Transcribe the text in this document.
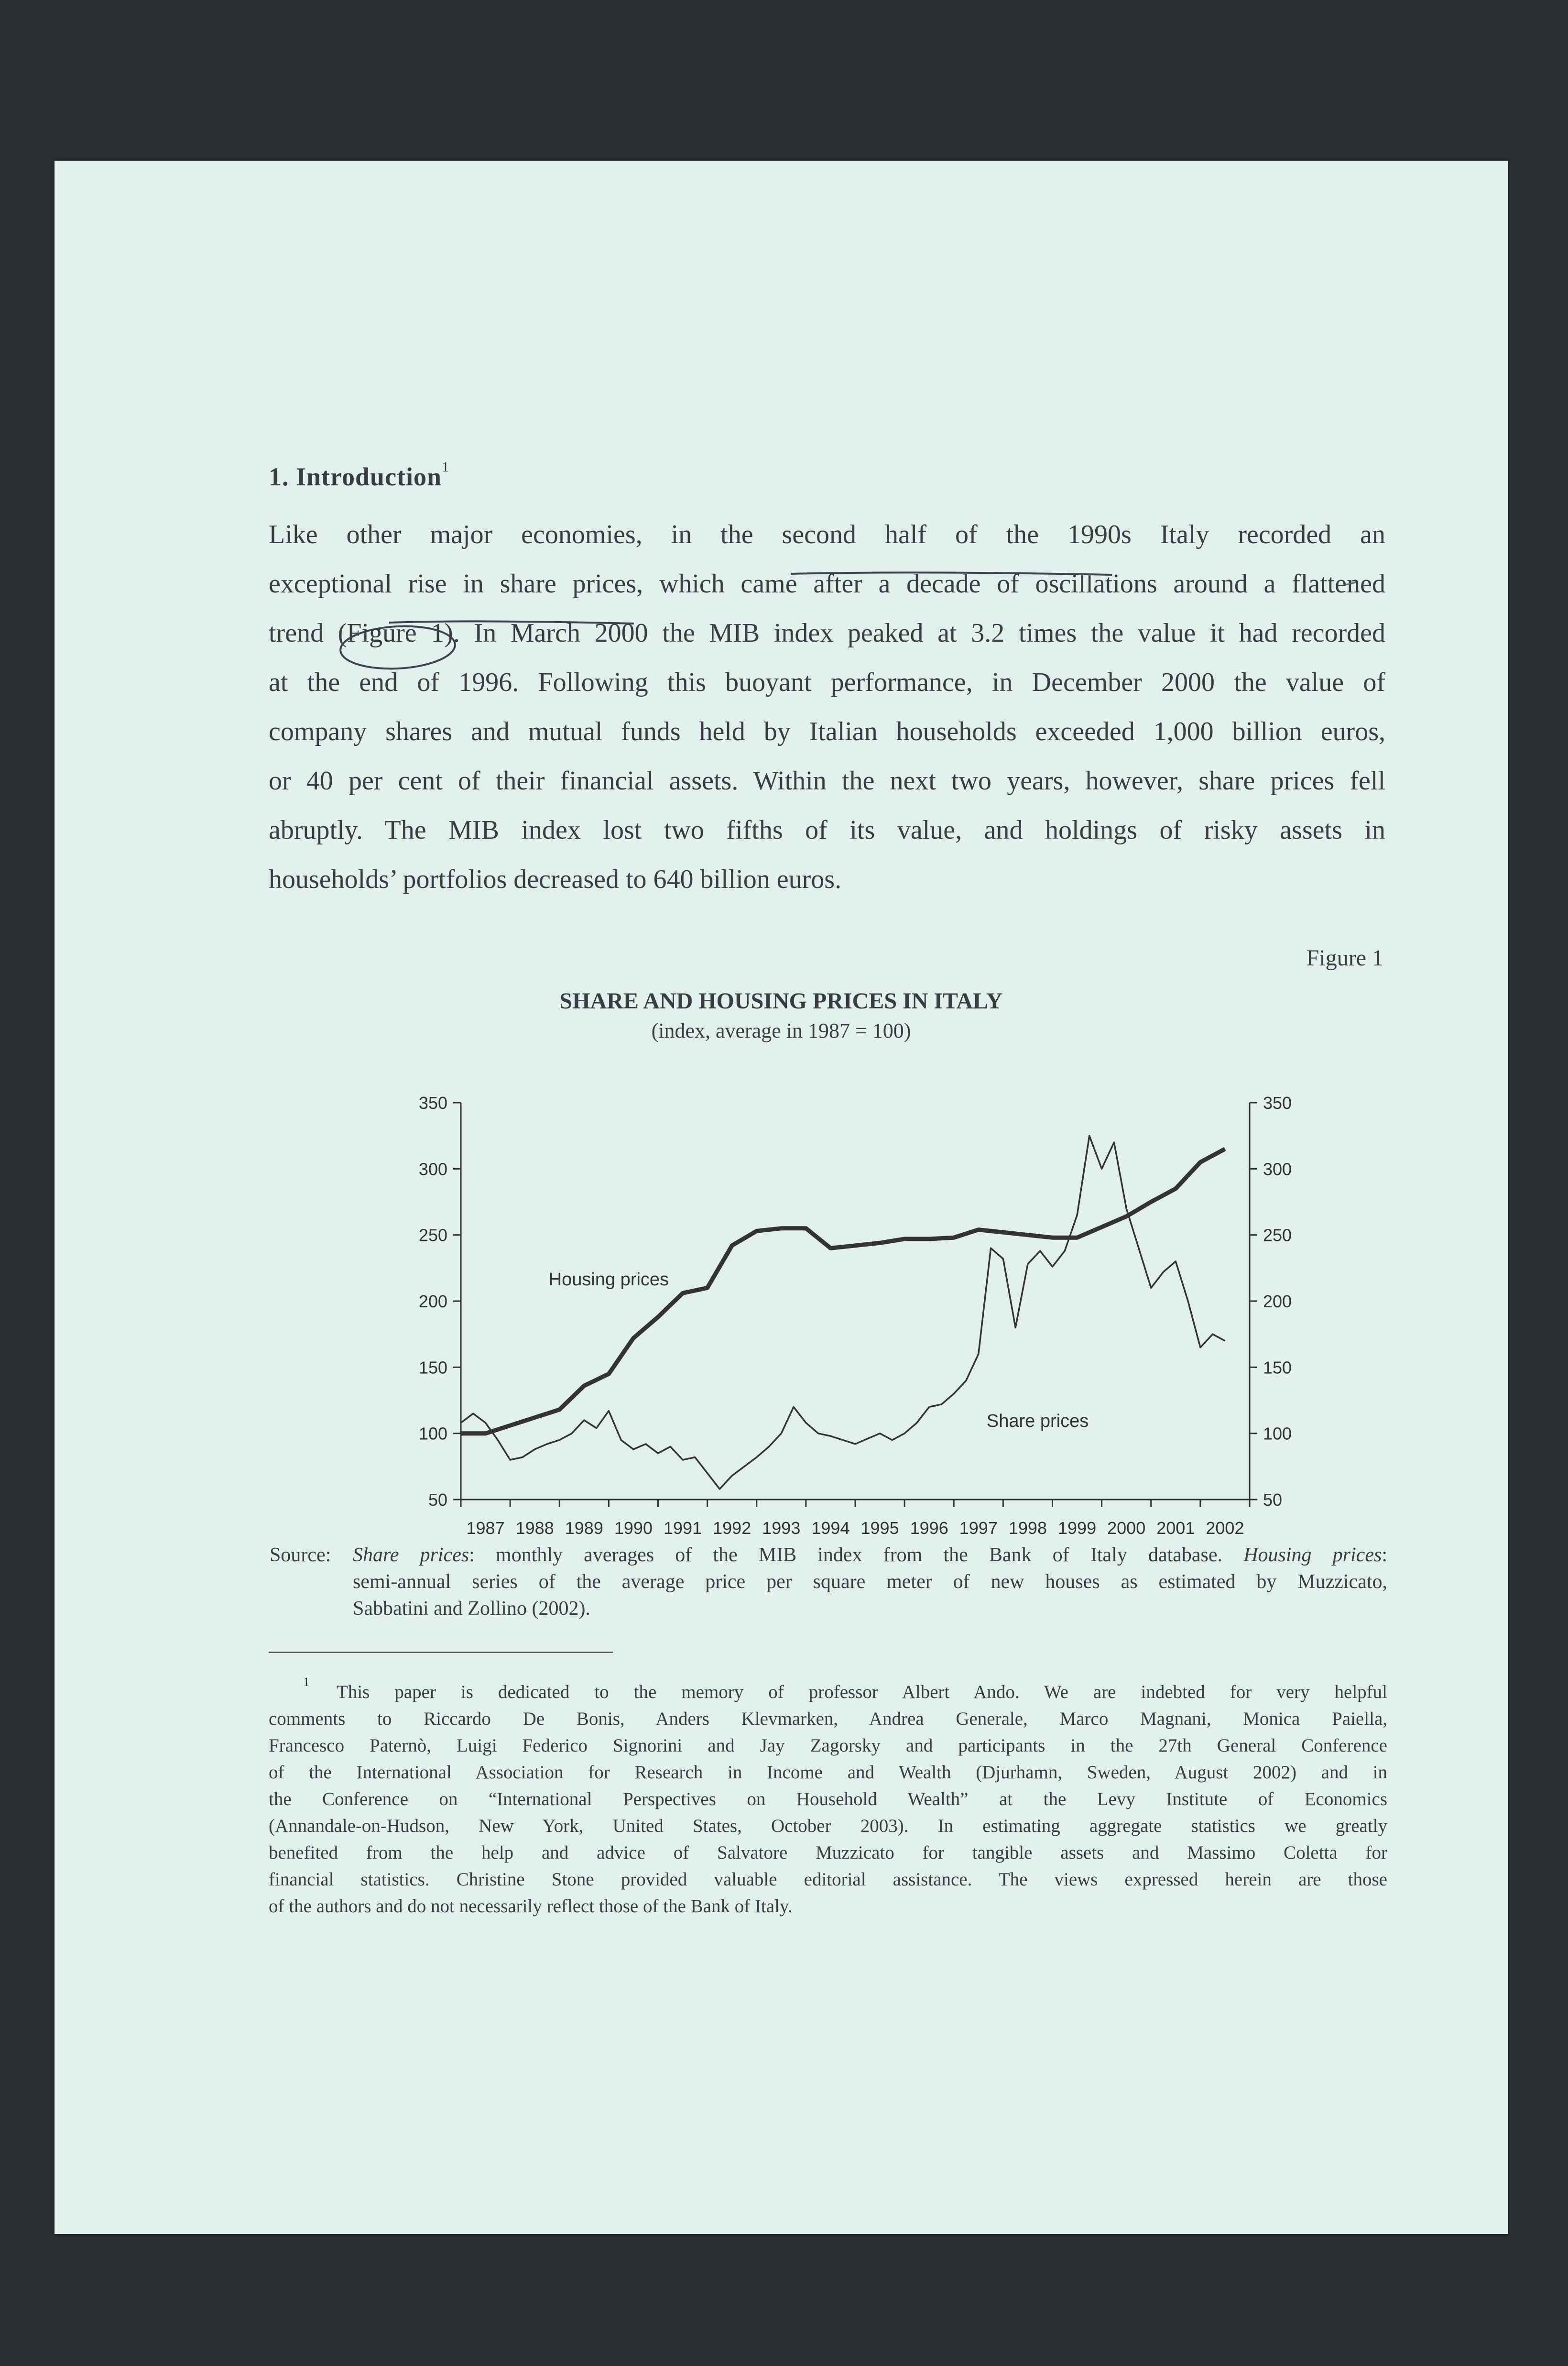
1. Introduction$^1$
Like other major economies, in the second half of the 1990s Italy recorded an
exceptional rise in share prices, which came after a decade of oscillations around a flattened
trend (Figure 1). In March 2000 the MIB index peaked at 3.2 times the value it had recorded
at the end of 1996. Following this buoyant performance, in December 2000 the value of
company shares and mutual funds held by Italian households exceeded 1,000 billion euros,
or 40 per cent of their financial assets. Within the next two years, however, share prices fell
abruptly. The MIB index lost two fifths of its value, and holdings of risky assets in
households’ portfolios decreased to 640 billion euros.
Figure 1
SHARE AND HOUSING PRICES IN ITALY
(index, average in 1987 = 100)
50	50
100	100
150	150
200	200
250	250
300	300
350	350
1987 1988 1989 1990 1991 1992 1993 1994 1995 1996 1997 1998 1999 2000 2001 2002
Housing prices
Share prices
Source: Share prices: monthly averages of the MIB index from the Bank of Italy database. Housing prices:
semi-annual series of the average price per square meter of new houses as estimated by Muzzicato,
Sabbatini and Zollino (2002).
1 This paper is dedicated to the memory of professor Albert Ando. We are indebted for very helpful
comments to Riccardo De Bonis, Anders Klevmarken, Andrea Generale, Marco Magnani, Monica Paiella,
Francesco Paternò, Luigi Federico Signorini and Jay Zagorsky and participants in the 27th General Conference
of the International Association for Research in Income and Wealth (Djurhamn, Sweden, August 2002) and in
the Conference on “International Perspectives on Household Wealth” at the Levy Institute of Economics
(Annandale-on-Hudson, New York, United States, October 2003). In estimating aggregate statistics we greatly
benefited from the help and advice of Salvatore Muzzicato for tangible assets and Massimo Coletta for
financial statistics. Christine Stone provided valuable editorial assistance. The views expressed herein are those
of the authors and do not necessarily reflect those of the Bank of Italy.
